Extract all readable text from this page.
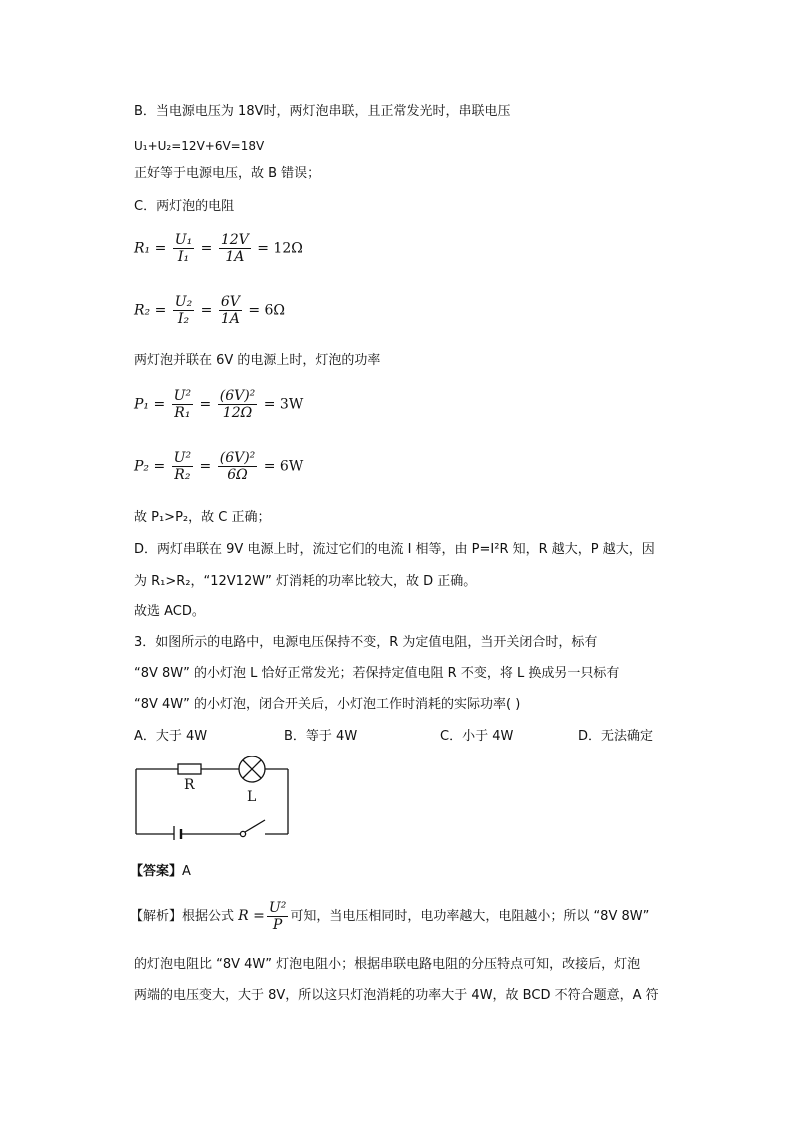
B．当电源电压为 18V时，两灯泡串联，且正常发光时，串联电压
U₁+U₂=12V+6V=18V
正好等于电源电压，故 B 错误；
C．两灯泡的电阻
$R_1 = \frac{\text{U₁}}{\text{I₁}} = \frac{12V}{1A} = 12\Omega$
$R_2 = \frac{\text{U₂}}{\text{I₂}} = \frac{6V}{1A} = 6\Omega$
两灯泡并联在 6V 的电源上时，灯泡的功率
$P_1 = \frac{\text{U²}}{\text{R₁}} = \frac{\text{(6V)²}}{12\Omega} = 3W$
$P_2 = \frac{\text{U²}}{\text{R₂}} = \frac{\text{(6V)²}}{6\Omega} = 6W$
故 P₁>P₂，故 C 正确；
D．两灯串联在 9V 电源上时，流过它们的电流 I 相等，由 P=I²R 知，R 越大，P 越大，因
为 R₁>R₂，“12V12W” 灯消耗的功率比较大，故 D 正确。
故选 ACD。
3．如图所示的电路中，电源电压保持不变，R 为定值电阻，当开关闭合时，标有
“8V 8W” 的小灯泡 L 恰好正常发光；若保持定值电阻 R 不变，将 L 换成另一只标有
“8V 4W” 的小灯泡，闭合开关后，小灯泡工作时消耗的实际功率( )
A．大于 4W	B．等于 4W	C．小于 4W	D．无法确定
R
L
【答案】A
【解析】根据公式 $R = \frac{\text{U²}}{P}$ 可知，当电压相同时，电功率越大，电阻越小；所以 “8V 8W”
的灯泡电阻比 “8V 4W” 灯泡电阻小；根据串联电路电阻的分压特点可知，改接后，灯泡
两端的电压变大，大于 8V，所以这只灯泡消耗的功率大于 4W，故 BCD 不符合题意，A 符
